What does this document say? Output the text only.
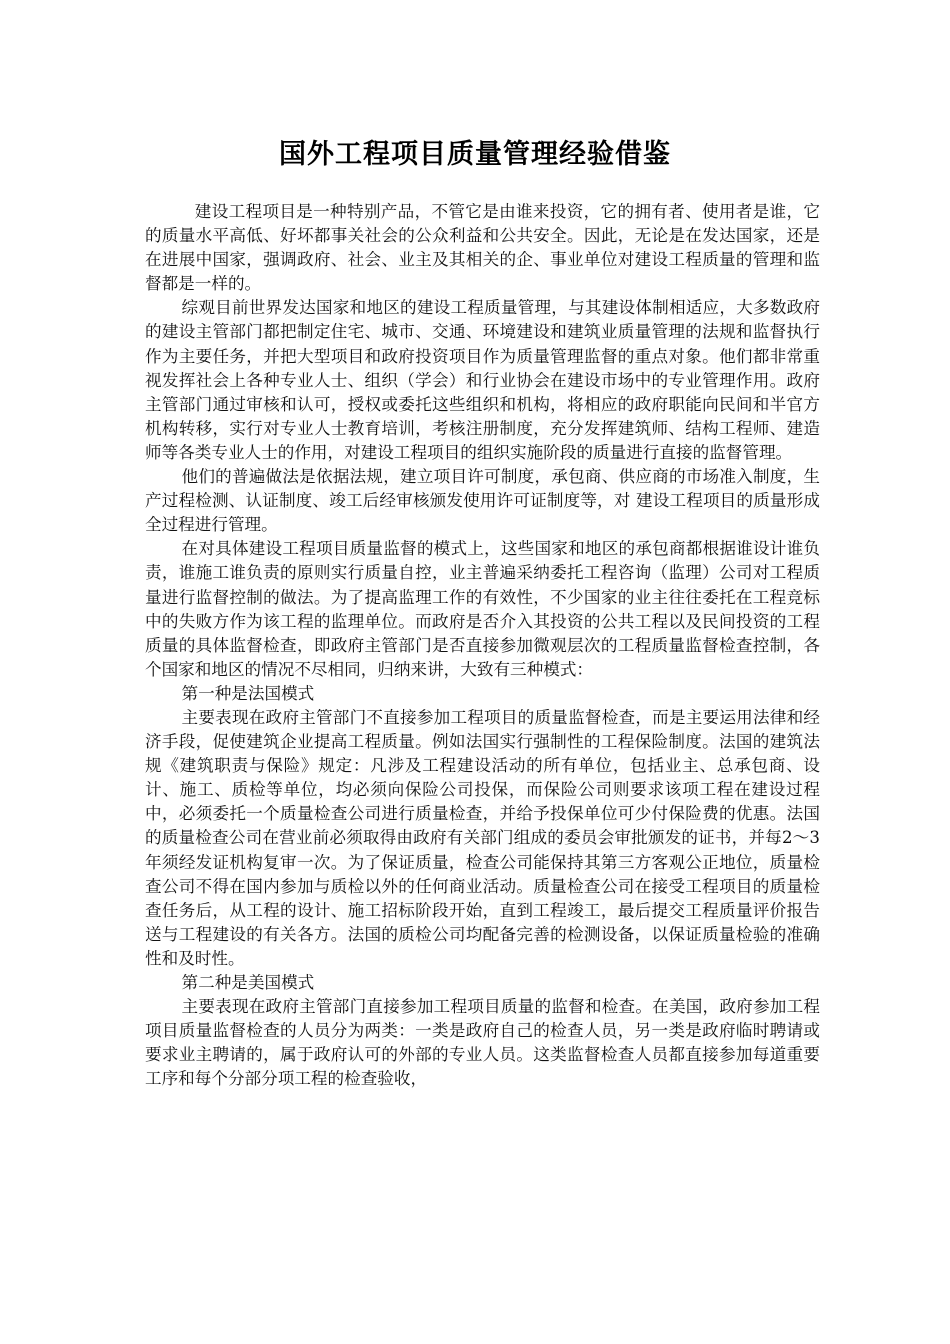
国外工程项目质量管理经验借鉴

建设工程项目是一种特别产品，不管它是由谁来投资，它的拥有者、使用者是谁，它的质量水平高低、好坏都事关社会的公众利益和公共安全。因此，无论是在发达国家，还是在进展中国家，强调政府、社会、业主及其相关的企、事业单位对建设工程质量的管理和监督都是一样的。

综观目前世界发达国家和地区的建设工程质量管理，与其建设体制相适应，大多数政府的建设主管部门都把制定住宅、城市、交通、环境建设和建筑业质量管理的法规和监督执行作为主要任务，并把大型项目和政府投资项目作为质量管理监督的重点对象。他们都非常重视发挥社会上各种专业人士、组织（学会）和行业协会在建设市场中的专业管理作用。政府主管部门通过审核和认可，授权或委托这些组织和机构，将相应的政府职能向民间和半官方机构转移，实行对专业人士教育培训，考核注册制度，充分发挥建筑师、结构工程师、建造师等各类专业人士的作用，对建设工程项目的组织实施阶段的质量进行直接的监督管理。

他们的普遍做法是依据法规，建立项目许可制度，承包商、供应商的市场准入制度，生产过程检测、认证制度、竣工后经审核颁发使用许可证制度等，对 建设工程项目的质量形成全过程进行管理。

在对具体建设工程项目质量监督的模式上，这些国家和地区的承包商都根据谁设计谁负责，谁施工谁负责的原则实行质量自控，业主普遍采纳委托工程咨询（监理）公司对工程质量进行监督控制的做法。为了提高监理工作的有效性，不少国家的业主往往委托在工程竞标中的失败方作为该工程的监理单位。而政府是否介入其投资的公共工程以及民间投资的工程质量的具体监督检查，即政府主管部门是否直接参加微观层次的工程质量监督检查控制，各个国家和地区的情况不尽相同，归纳来讲，大致有三种模式：

第一种是法国模式

主要表现在政府主管部门不直接参加工程项目的质量监督检查，而是主要运用法律和经济手段，促使建筑企业提高工程质量。例如法国实行强制性的工程保险制度。法国的建筑法规《建筑职责与保险》规定：凡涉及工程建设活动的所有单位，包括业主、总承包商、设计、施工、质检等单位，均必须向保险公司投保，而保险公司则要求该项工程在建设过程中，必须委托一个质量检查公司进行质量检查，并给予投保单位可少付保险费的优惠。法国的质量检查公司在营业前必须取得由政府有关部门组成的委员会审批颁发的证书，并每2～3年须经发证机构复审一次。为了保证质量，检查公司能保持其第三方客观公正地位，质量检查公司不得在国内参加与质检以外的任何商业活动。质量检查公司在接受工程项目的质量检查任务后，从工程的设计、施工招标阶段开始，直到工程竣工，最后提交工程质量评价报告送与工程建设的有关各方。法国的质检公司均配备完善的检测设备，以保证质量检验的准确性和及时性。

第二种是美国模式

主要表现在政府主管部门直接参加工程项目质量的监督和检查。在美国，政府参加工程项目质量监督检查的人员分为两类：一类是政府自己的检查人员，另一类是政府临时聘请或要求业主聘请的，属于政府认可的外部的专业人员。这类监督检查人员都直接参加每道重要工序和每个分部分项工程的检查验收，
